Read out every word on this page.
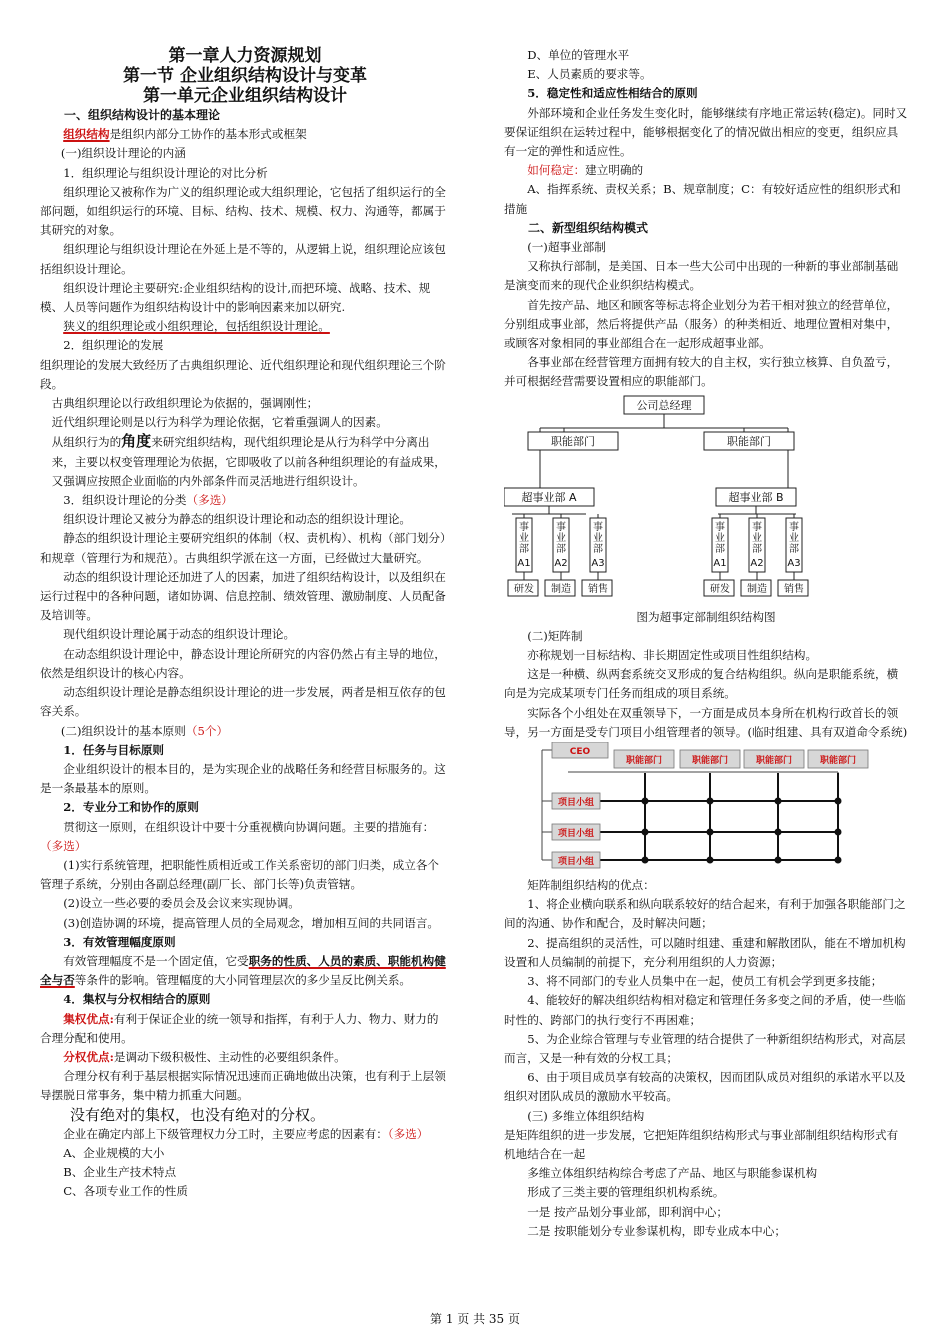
第一章人力资源规划
第一节 企业组织结构设计与变革
第一单元企业组织结构设计

一、组织结构设计的基本理论

组织结构是组织内部分工协作的基本形式或框架

(一)组织设计理论的内涵

1．组织理论与组织设计理论的对比分析

组织理论又被称作为广义的组织理论或大组织理论，它包括了组织运行的全部问题，如组织运行的环境、目标、结构、技术、规模、权力、沟通等，都属于其研究的对象。

组织理论与组织设计理论在外延上是不等的，从逻辑上说，组织理论应该包括组织设计理论。

组织设计理论主要研究:企业组织结构的设计,而把环境、战略、技术、规模、人员等问题作为组织结构设计中的影响因素来加以研究.

狭义的组织理论或小组织理论，包括组织设计理论。

2．组织理论的发展

组织理论的发展大致经历了古典组织理论、近代组织理论和现代组织理论三个阶段。

古典组织理论以行政组织理论为依据的，强调刚性；

近代组织理论则是以行为科学为理论依据，它着重强调人的因素。

从组织行为的角度来研究组织结构，现代组织理论是从行为科学中分离出来，主要以权变管理理论为依据，它即吸收了以前各种组织理论的有益成果，又强调应按照企业面临的内外部条件而灵活地进行组织设计。

3．组织设计理论的分类（多选）

组织设计理论又被分为静态的组织设计理论和动态的组织设计理论。

静态的组织设计理论主要研究组织的体制（权、责机构）、机构（部门划分）和规章（管理行为和规范）。古典组织学派在这一方面，已经做过大量研究。

动态的组织设计理论还加进了人的因素，加进了组织结构设计，以及组织在运行过程中的各种问题，诸如协调、信息控制、绩效管理、激励制度、人员配备及培训等。

现代组织设计理论属于动态的组织设计理论。

在动态组织设计理论中，静态设计理论所研究的内容仍然占有主导的地位，依然是组织设计的核心内容。

动态组织设计理论是静态组织设计理论的进一步发展，两者是相互依存的包容关系。

(二)组织设计的基本原则（5个）

1．任务与目标原则

企业组织设计的根本目的，是为实现企业的战略任务和经营目标服务的。这是一条最基本的原则。

2．专业分工和协作的原则

贯彻这一原则，在组织设计中要十分重视横向协调问题。主要的措施有：（多选）

(1)实行系统管理，把职能性质相近或工作关系密切的部门归类，成立各个管理子系统，分别由各副总经理(副厂长、部门长等)负责管辖。

(2)设立一些必要的委员会及会议来实现协调。

(3)创造协调的环境，提高管理人员的全局观念，增加相互间的共同语言。

3．有效管理幅度原则

有效管理幅度不是一个固定值，它受职务的性质、人员的素质、职能机构健全与否等条件的影响。管理幅度的大小同管理层次的多少呈反比例关系。

4．集权与分权相结合的原则

集权优点:有利于保证企业的统一领导和指挥，有利于人力、物力、财力的合理分配和使用。

分权优点:是调动下级积极性、主动性的必要组织条件。

合理分权有利于基层根据实际情况迅速而正确地做出决策，也有利于上层领导摆脱日常事务，集中精力抓重大问题。

没有绝对的集权，也没有绝对的分权。

企业在确定内部上下级管理权力分工时，主要应考虑的因素有：（多选）

A、企业规模的大小

B、企业生产技术特点

C、各项专业工作的性质

D、单位的管理水平

E、人员素质的要求等。

5．稳定性和适应性相结合的原则

外部环境和企业任务发生变化时，能够继续有序地正常运转(稳定)。同时又要保证组织在运转过程中，能够根据变化了的情况做出相应的变更，组织应具有一定的弹性和适应性。

如何稳定：建立明确的

A、指挥系统、责权关系；B、规章制度；C：有较好适应性的组织形式和措施

二、新型组织结构模式

(一)超事业部制

又称执行部制，是美国、日本一些大公司中出现的一种新的事业部制基础是演变而来的现代企业织织结构模式。

首先按产品、地区和顾客等标志将企业划分为若干相对独立的经营单位，分别组成事业部，然后将提供产品（服务）的种类相近、地理位置相对集中，或顾客对象相同的事业部组合在一起形成超事业部。

各事业部在经营管理方面拥有较大的自主权，实行独立核算、自负盈亏，并可根据经营需要设置相应的职能部门。

公司总经理
职能部门	职能部门
超事业部 A	超事业部 B
事
业
部
A1
研发
事
业
部
A2
制造
事
业
部
A3
销售
事
业
部
A1
研发
事
业
部
A2
制造
事
业
部
A3
销售

图为超事定部制组织结构图

(二)矩阵制

亦称规划一目标结构、非长期固定性或项目性组织结构。

这是一种横、纵两套系统交叉形成的复合结构组织。纵向是职能系统，横向是为完成某项专门任务而组成的项目系统。

实际各个小组处在双重领导下，一方面是成员本身所在机构行政首长的领导，另一方面是受专门项目小组管理者的领导。(临时组建、具有双道命令系统)

CEO
职能部门	职能部门	职能部门	职能部门
项目小组
项目小组
项目小组

矩阵制组织结构的优点：

1、将企业横向联系和纵向联系较好的结合起来，有利于加强各职能部门之间的沟通、协作和配合，及时解决问题；

2、提高组织的灵活性，可以随时组建、重建和解散团队，能在不增加机构设置和人员编制的前提下，充分利用组织的人力资源；

3、将不同部门的专业人员集中在一起，使员工有机会学到更多技能；

4、能较好的解决组织结构相对稳定和管理任务多变之间的矛盾，使一些临时性的、跨部门的执行变行不再困难；

5、为企业综合管理与专业管理的结合提供了一种新组织结构形式，对高层而言，又是一种有效的分权工具；

6、由于项目成员享有较高的决策权，因而团队成员对组织的承诺水平以及组织对团队成员的激励水平较高。

(三) 多维立体组织结构

是矩阵组织的进一步发展，它把矩阵组织结构形式与事业部制组织结构形式有机地结合在一起

多维立体组织结构综合考虑了产品、地区与职能参谋机构

形成了三类主要的管理组织机构系统。

一是 按产品划分事业部，即利润中心；

二是 按职能划分专业参谋机构，即专业成本中心；

第 1 页 共 35 页
